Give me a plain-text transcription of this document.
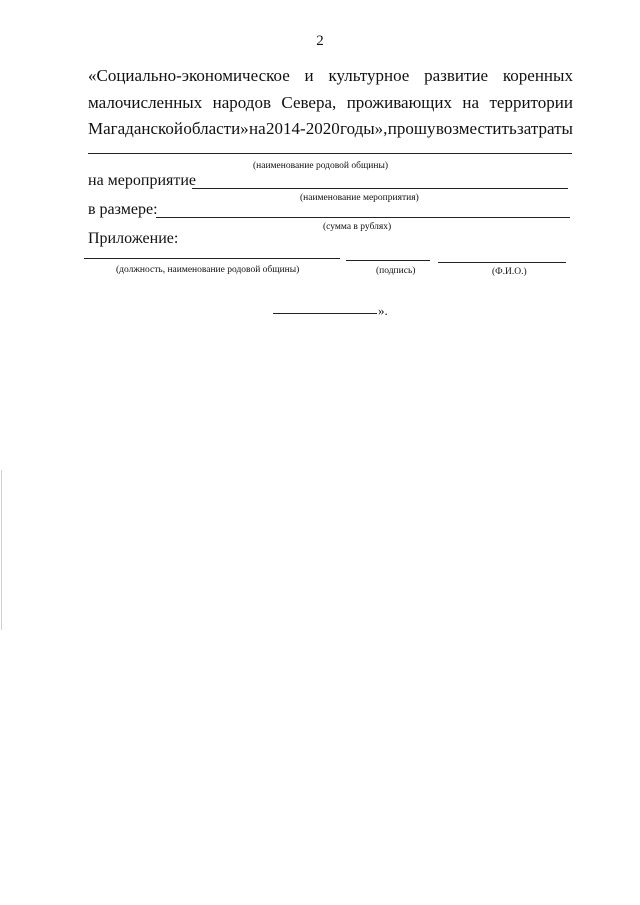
2
«Социально-экономическое и культурное развитие коренных
малочисленных народов Севера, проживающих на территории
Магаданской области» на 2014-2020 годы», прошу возместить затраты
(наименование родовой общины)
на мероприятие
(наименование мероприятия)
в размере:
(сумма в рублях)
Приложение:
(должность, наименование родовой общины)	(подпись)	(Ф.И.О.)
».
